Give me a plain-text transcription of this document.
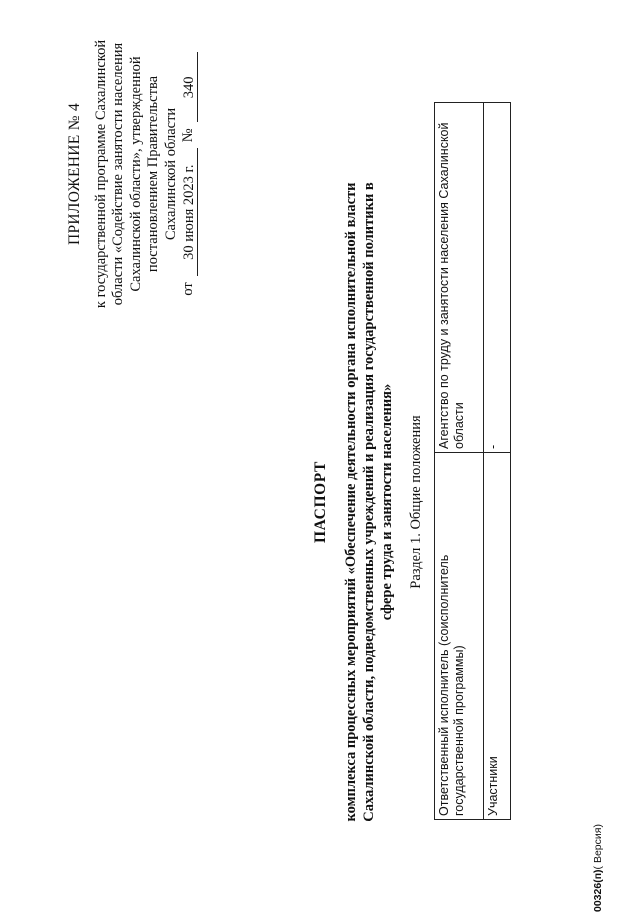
ПРИЛОЖЕНИЕ № 4 к государственной программе Сахалинской области «Содействие занятости населения Сахалинской области», утвержденной постановлением Правительства Сахалинской области
от
30 июня 2023 г.
№
340
ПАСПОРТ комплекса процессных мероприятий «Обеспечение деятельности органа исполнительной власти Сахалинской области, подведомственных учреждений и реализация государственной политики в сфере труда и занятости населения» Раздел 1. Общие положения
Ответственный исполнитель (соисполнитель государственной программы)	Агентство по труду и занятости населения Сахалинской области
Участники	-
00326(п)( Версия)
